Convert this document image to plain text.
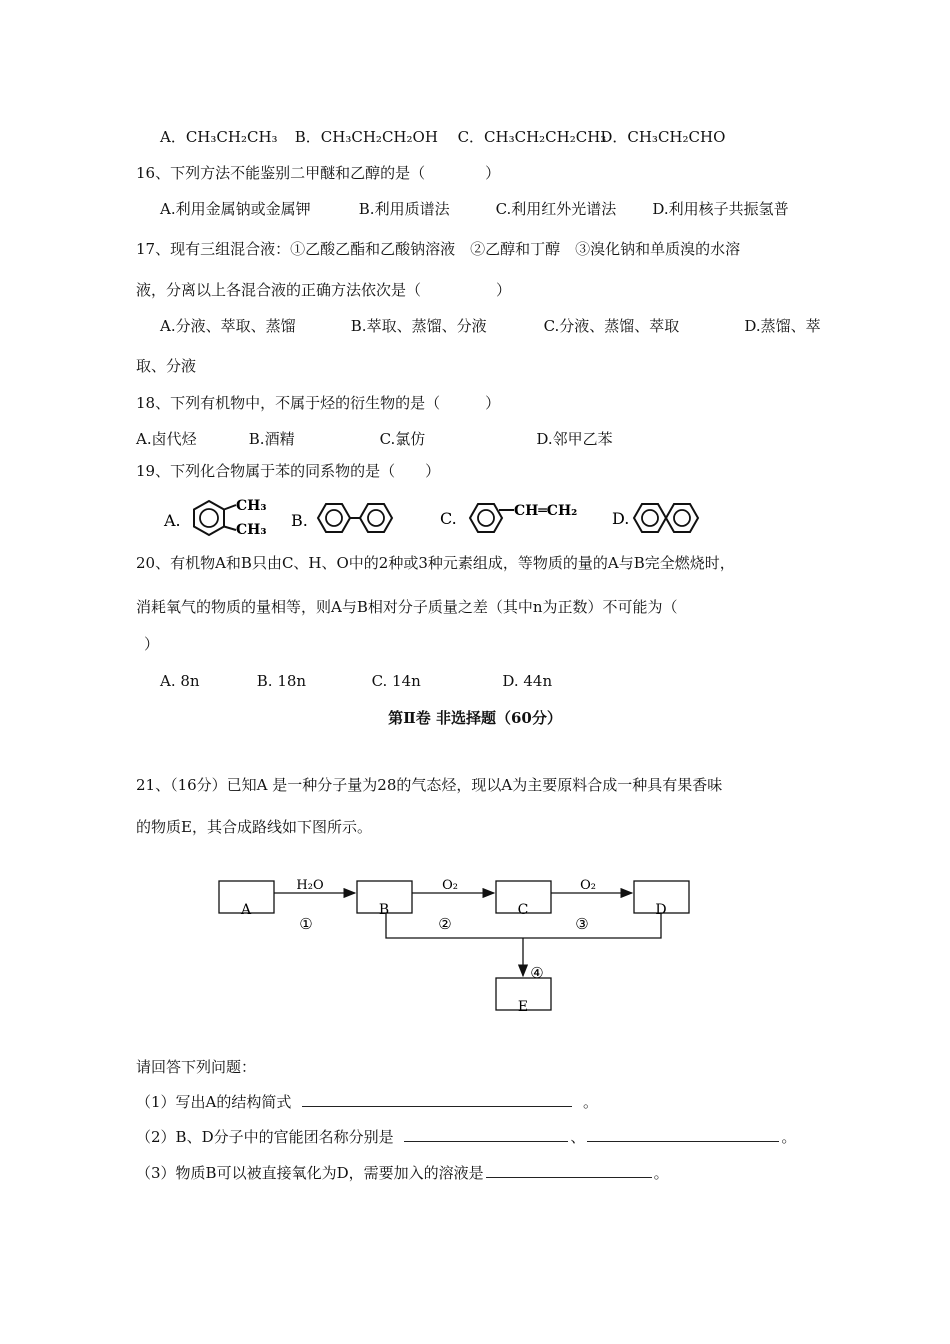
A．CH₃CH₂CH₃ B．CH₃CH₂CH₂OH C．CH₃CH₂CH₂CH₃ D．CH₃CH₂CHO
16、下列方法不能鉴别二甲醚和乙醇的是（　　　　）
A.利用金属钠或金属钾	B.利用质谱法	C.利用红外光谱法 D.利用核子共振氢普
17、现有三组混合液：①乙酸乙酯和乙酸钠溶液　②乙醇和丁醇　③溴化钠和单质溴的水溶
液，分离以上各混合液的正确方法依次是（　　　　　）
A.分液、萃取、蒸馏	B.萃取、蒸馏、分液	C.分液、蒸馏、萃取	D.蒸馏、萃
取、分液
18、下列有机物中，不属于烃的衍生物的是（　　　）
A.卤代烃	B.酒精	C.氯仿	D.邻甲乙苯
19、下列化合物属于苯的同系物的是（　　）
A.
CH₃
CH₃ B.	C.	CH═CH₂ D.
20、有机物A和B只由C、H、O中的2种或3种元素组成，等物质的量的A与B完全燃烧时，
消耗氧气的物质的量相等，则A与B相对分子质量之差（其中n为正数）不可能为（
）
A. 8n	B. 18n	C. 14n	D. 44n
第Ⅱ卷 非选择题（60分）
21、（16分）已知A 是一种分子量为28的气态烃，现以A为主要原料合成一种具有果香味
的物质E，其合成路线如下图所示。
A	B	C	D
E
H₂O	O₂	O₂
①	②	③
④
请回答下列问题：
（1）写出A的结构简式	。
（2）B、D分子中的官能团名称分别是	、	。
（3）物质B可以被直接氧化为D，需要加入的溶液是	。
